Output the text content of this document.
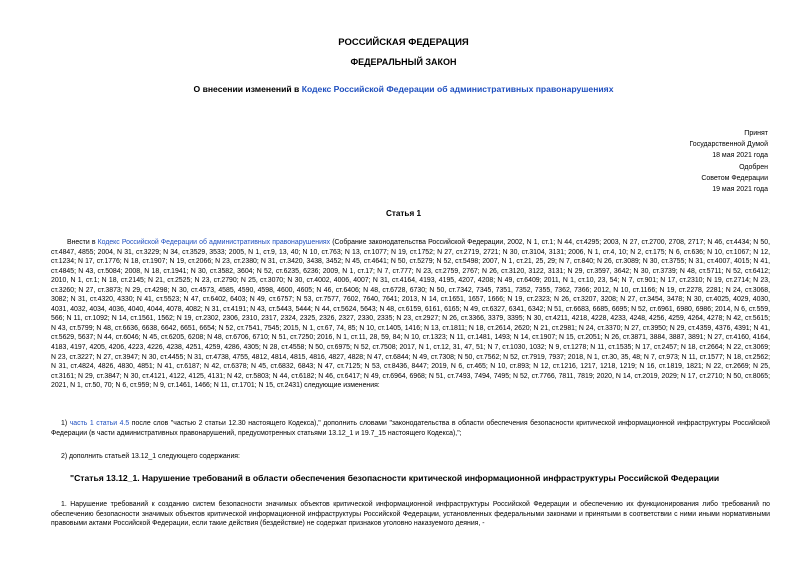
РОССИЙСКАЯ ФЕДЕРАЦИЯ
ФЕДЕРАЛЬНЫЙ ЗАКОН
О внесении изменений в Кодекс Российской Федерации об административных правонарушениях
Принят
Государственной Думой
18 мая 2021 года
Одобрен
Советом Федерации
19 мая 2021 года
Статья 1
Внести в Кодекс Российской Федерации об административных правонарушениях (Собрание законодательства Российской Федерации, 2002, N 1, ст.1; N 44, ст.4295; 2003, N 27, ст.2700, 2708, 2717; N 46, ст.4434; N 50, ст.4847, 4855; 2004, N 31, ст.3229; N 34, ст.3529, 3533; 2005, N 1, ст.9, 13, 40; N 10, ст.763; N 13, ст.1077; N 19, ст.1752; N 27, ст.2719, 2721; N 30, ст.3104, 3131; 2006, N 1, ст.4, 10; N 2, ст.175; N 6, ст.636; N 10, ст.1067; N 12, ст.1234; N 17, ст.1776; N 18, ст.1907; N 19, ст.2066; N 23, ст.2380; N 31, ст.3420, 3438, 3452; N 45, ст.4641; N 50, ст.5279; N 52, ст.5498; 2007, N 1, ст.21, 25, 29; N 7, ст.840; N 26, ст.3089; N 30, ст.3755; N 31, ст.4007, 4015; N 41, ст.4845; N 43, ст.5084; 2008, N 18, ст.1941; N 30, ст.3582, 3604; N 52, ст.6235, 6236; 2009, N 1, ст.17; N 7, ст.777; N 23, ст.2759, 2767; N 26, ст.3120, 3122, 3131; N 29, ст.3597, 3642; N 30, ст.3739; N 48, ст.5711; N 52, ст.6412; 2010, N 1, ст.1; N 18, ст.2145; N 21, ст.2525; N 23, ст.2790; N 25, ст.3070; N 30, ст.4002, 4006, 4007; N 31, ст.4164, 4193, 4195, 4207, 4208; N 49, ст.6409; 2011, N 1, ст.10, 23, 54; N 7, ст.901; N 17, ст.2310; N 19, ст.2714; N 23, ст.3260; N 27, ст.3873; N 29, ст.4298; N 30, ст.4573, 4585, 4590, 4598, 4600, 4605; N 46, ст.6406; N 48, ст.6728, 6730; N 50, ст.7342, 7345, 7351, 7352, 7355, 7362, 7366; 2012, N 10, ст.1166; N 19, ст.2278, 2281; N 24, ст.3068, 3082; N 31, ст.4320, 4330; N 41, ст.5523; N 47, ст.6402, 6403; N 49, ст.6757; N 53, ст.7577, 7602, 7640, 7641; 2013, N 14, ст.1651, 1657, 1666; N 19, ст.2323; N 26, ст.3207, 3208; N 27, ст.3454, 3478; N 30, ст.4025, 4029, 4030, 4031, 4032, 4034, 4036, 4040, 4044, 4078, 4082; N 31, ст.4191; N 43, ст.5443, 5444; N 44, ст.5624, 5643; N 48, ст.6159, 6161, 6165; N 49, ст.6327, 6341, 6342; N 51, ст.6683, 6685, 6695; N 52, ст.6961, 6980, 6986; 2014, N 6, ст.559, 566; N 11, ст.1092; N 14, ст.1561, 1562; N 19, ст.2302, 2306, 2310, 2317, 2324, 2325, 2326, 2327, 2330, 2335; N 23, ст.2927; N 26, ст.3366, 3379, 3395; N 30, ст.4211, 4218, 4228, 4233, 4248, 4256, 4259, 4264, 4278; N 42, ст.5615; N 43, ст.5799; N 48, ст.6636, 6638, 6642, 6651, 6654; N 52, ст.7541, 7545; 2015, N 1, ст.67, 74, 85; N 10, ст.1405, 1416; N 13, ст.1811; N 18, ст.2614, 2620; N 21, ст.2981; N 24, ст.3370; N 27, ст.3950; N 29, ст.4359, 4376, 4391; N 41, ст.5629, 5637; N 44, ст.6046; N 45, ст.6205, 6208; N 48, ст.6706, 6710; N 51, ст.7250; 2016, N 1, ст.11, 28, 59, 84; N 10, ст.1323; N 11, ст.1481, 1493; N 14, ст.1907; N 15, ст.2051; N 26, ст.3871, 3884, 3887, 3891; N 27, ст.4160, 4164, 4183, 4197, 4205, 4206, 4223, 4226, 4238, 4251, 4259, 4286, 4305; N 28, ст.4558; N 50, ст.6975; N 52, ст.7508; 2017, N 1, ст.12, 31, 47, 51; N 7, ст.1030, 1032; N 9, ст.1278; N 11, ст.1535; N 17, ст.2457; N 18, ст.2664; N 22, ст.3069; N 23, ст.3227; N 27, ст.3947; N 30, ст.4455; N 31, ст.4738, 4755, 4812, 4814, 4815, 4816, 4827, 4828; N 47, ст.6844; N 49, ст.7308; N 50, ст.7562; N 52, ст.7919, 7937; 2018, N 1, ст.30, 35, 48; N 7, ст.973; N 11, ст.1577; N 18, ст.2562; N 31, ст.4824, 4826, 4830, 4851; N 41, ст.6187; N 42, ст.6378; N 45, ст.6832, 6843; N 47, ст.7125; N 53, ст.8436, 8447; 2019, N 6, ст.465; N 10, ст.893; N 12, ст.1216, 1217, 1218, 1219; N 16, ст.1819, 1821; N 22, ст.2669; N 25, ст.3161; N 29, ст.3847; N 30, ст.4121, 4122, 4125, 4131; N 42, ст.5803; N 44, ст.6182; N 46, ст.6417; N 49, ст.6964, 6968; N 51, ст.7493, 7494, 7495; N 52, ст.7766, 7811, 7819; 2020, N 14, ст.2019, 2029; N 17, ст.2710; N 50, ст.8065; 2021, N 1, ст.50, 70; N 6, ст.959; N 9, ст.1461, 1466; N 11, ст.1701; N 15, ст.2431) следующие изменения:
1) часть 1 статьи 4.5 после слов "частью 2 статьи 12.30 настоящего Кодекса)," дополнить словами "законодательства в области обеспечения безопасности критической информационной инфраструктуры Российской Федерации (в части административных правонарушений, предусмотренных статьями 13.12_1 и 19.7_15 настоящего Кодекса),";
2) дополнить статьей 13.12_1 следующего содержания:
"Статья 13.12_1. Нарушение требований в области обеспечения безопасности критической информационной инфраструктуры Российской Федерации
1. Нарушение требований к созданию систем безопасности значимых объектов критической информационной инфраструктуры Российской Федерации и обеспечению их функционирования либо требований по обеспечению безопасности значимых объектов критической информационной инфраструктуры Российской Федерации, установленных федеральными законами и принятыми в соответствии с ними иными нормативными правовыми актами Российской Федерации, если такие действия (бездействие) не содержат признаков уголовно наказуемого деяния, -
